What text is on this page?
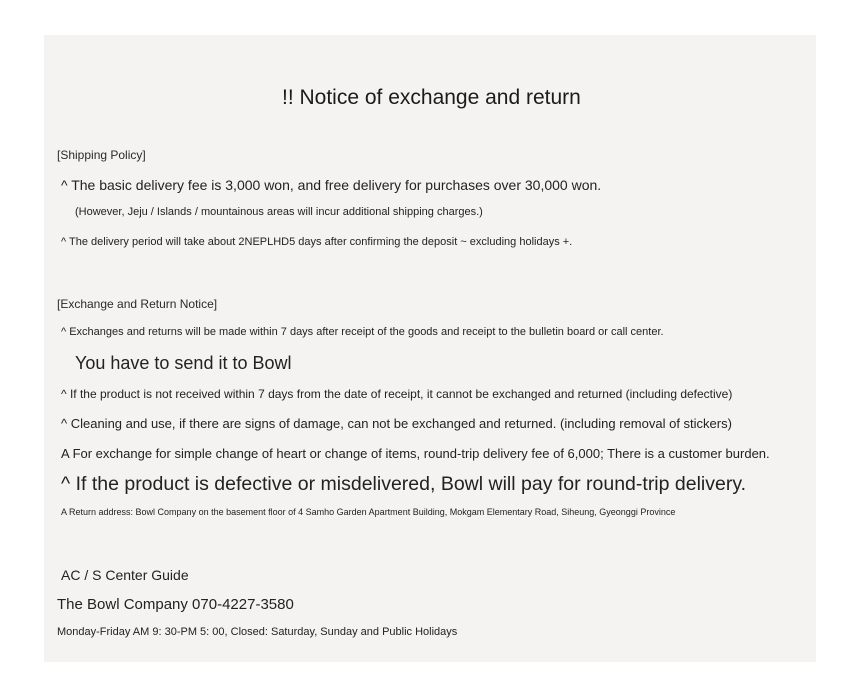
!! Notice of exchange and return
[Shipping Policy]
^ The basic delivery fee is 3,000 won, and free delivery for purchases over 30,000 won.
(However, Jeju / Islands / mountainous areas will incur additional shipping charges.)
^ The delivery period will take about 2NEPLHD5 days after confirming the deposit ~ excluding holidays +.
[Exchange and Return Notice]
^ Exchanges and returns will be made within 7 days after receipt of the goods and receipt to the bulletin board or call center.
You have to send it to Bowl
^ If the product is not received within 7 days from the date of receipt, it cannot be exchanged and returned (including defective)
^ Cleaning and use, if there are signs of damage, can not be exchanged and returned. (including removal of stickers)
A For exchange for simple change of heart or change of items, round-trip delivery fee of 6,000; There is a customer burden.
^ If the product is defective or misdelivered, Bowl will pay for round-trip delivery.
A Return address: Bowl Company on the basement floor of 4 Samho Garden Apartment Building, Mokgam Elementary Road, Siheung, Gyeonggi Province
AC / S Center Guide
The Bowl Company 070-4227-3580
Monday-Friday AM 9: 30-PM 5: 00, Closed: Saturday, Sunday and Public Holidays
